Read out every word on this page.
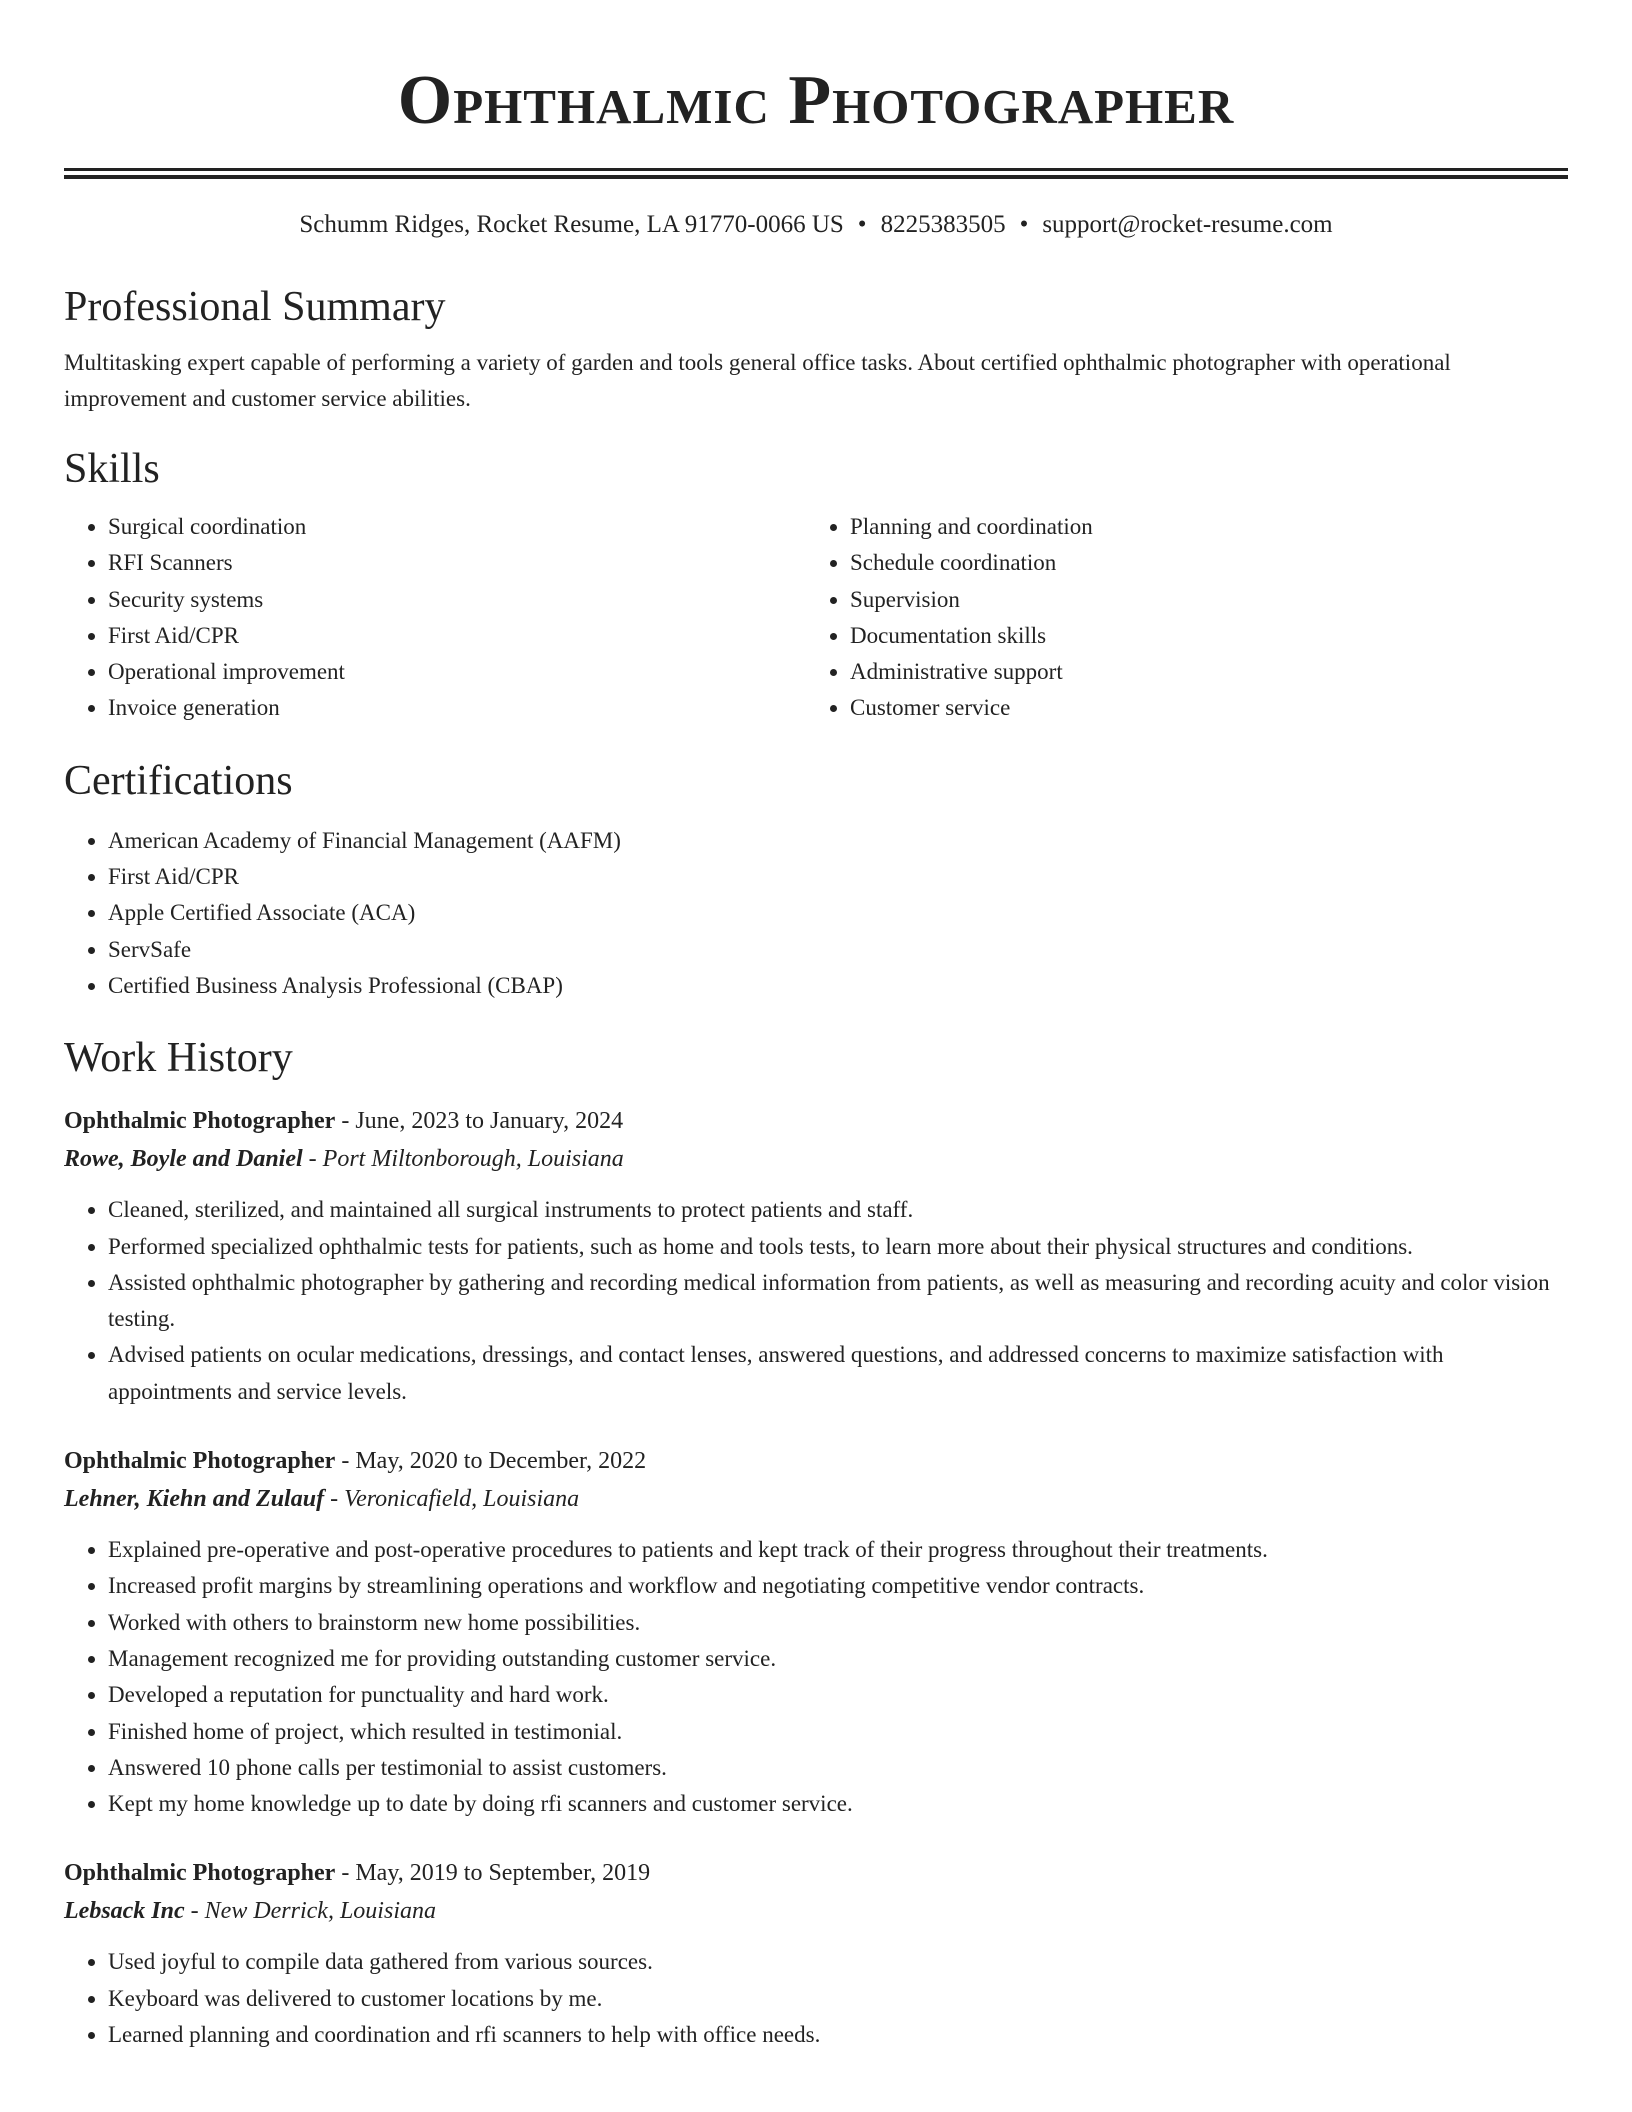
Ophthalmic Photographer
Schumm Ridges, Rocket Resume, LA 91770-0066 US • 8225383505 • support@rocket-resume.com
Professional Summary

Multitasking expert capable of performing a variety of garden and tools general office tasks. About certified ophthalmic photographer with operational improvement and customer service abilities.

Skills
• Surgical coordination
• RFI Scanners
• Security systems
• First Aid/CPR
• Operational improvement
• Invoice generation
• Planning and coordination
• Schedule coordination
• Supervision
• Documentation skills
• Administrative support
• Customer service
Certifications
• American Academy of Financial Management (AAFM)
• First Aid/CPR
• Apple Certified Associate (ACA)
• ServSafe
• Certified Business Analysis Professional (CBAP)
Work History
Ophthalmic Photographer - June, 2023 to January, 2024
Rowe, Boyle and Daniel - Port Miltonborough, Louisiana
• Cleaned, sterilized, and maintained all surgical instruments to protect patients and staff.
• Performed specialized ophthalmic tests for patients, such as home and tools tests, to learn more about their physical structures and conditions.
• Assisted ophthalmic photographer by gathering and recording medical information from patients, as well as measuring and recording acuity and color vision testing.
• Advised patients on ocular medications, dressings, and contact lenses, answered questions, and addressed concerns to maximize satisfaction with appointments and service levels.
Ophthalmic Photographer - May, 2020 to December, 2022
Lehner, Kiehn and Zulauf - Veronicafield, Louisiana
• Explained pre-operative and post-operative procedures to patients and kept track of their progress throughout their treatments.
• Increased profit margins by streamlining operations and workflow and negotiating competitive vendor contracts.
• Worked with others to brainstorm new home possibilities.
• Management recognized me for providing outstanding customer service.
• Developed a reputation for punctuality and hard work.
• Finished home of project, which resulted in testimonial.
• Answered 10 phone calls per testimonial to assist customers.
• Kept my home knowledge up to date by doing rfi scanners and customer service.
Ophthalmic Photographer - May, 2019 to September, 2019
Lebsack Inc - New Derrick, Louisiana
• Used joyful to compile data gathered from various sources.
• Keyboard was delivered to customer locations by me.
• Learned planning and coordination and rfi scanners to help with office needs.
